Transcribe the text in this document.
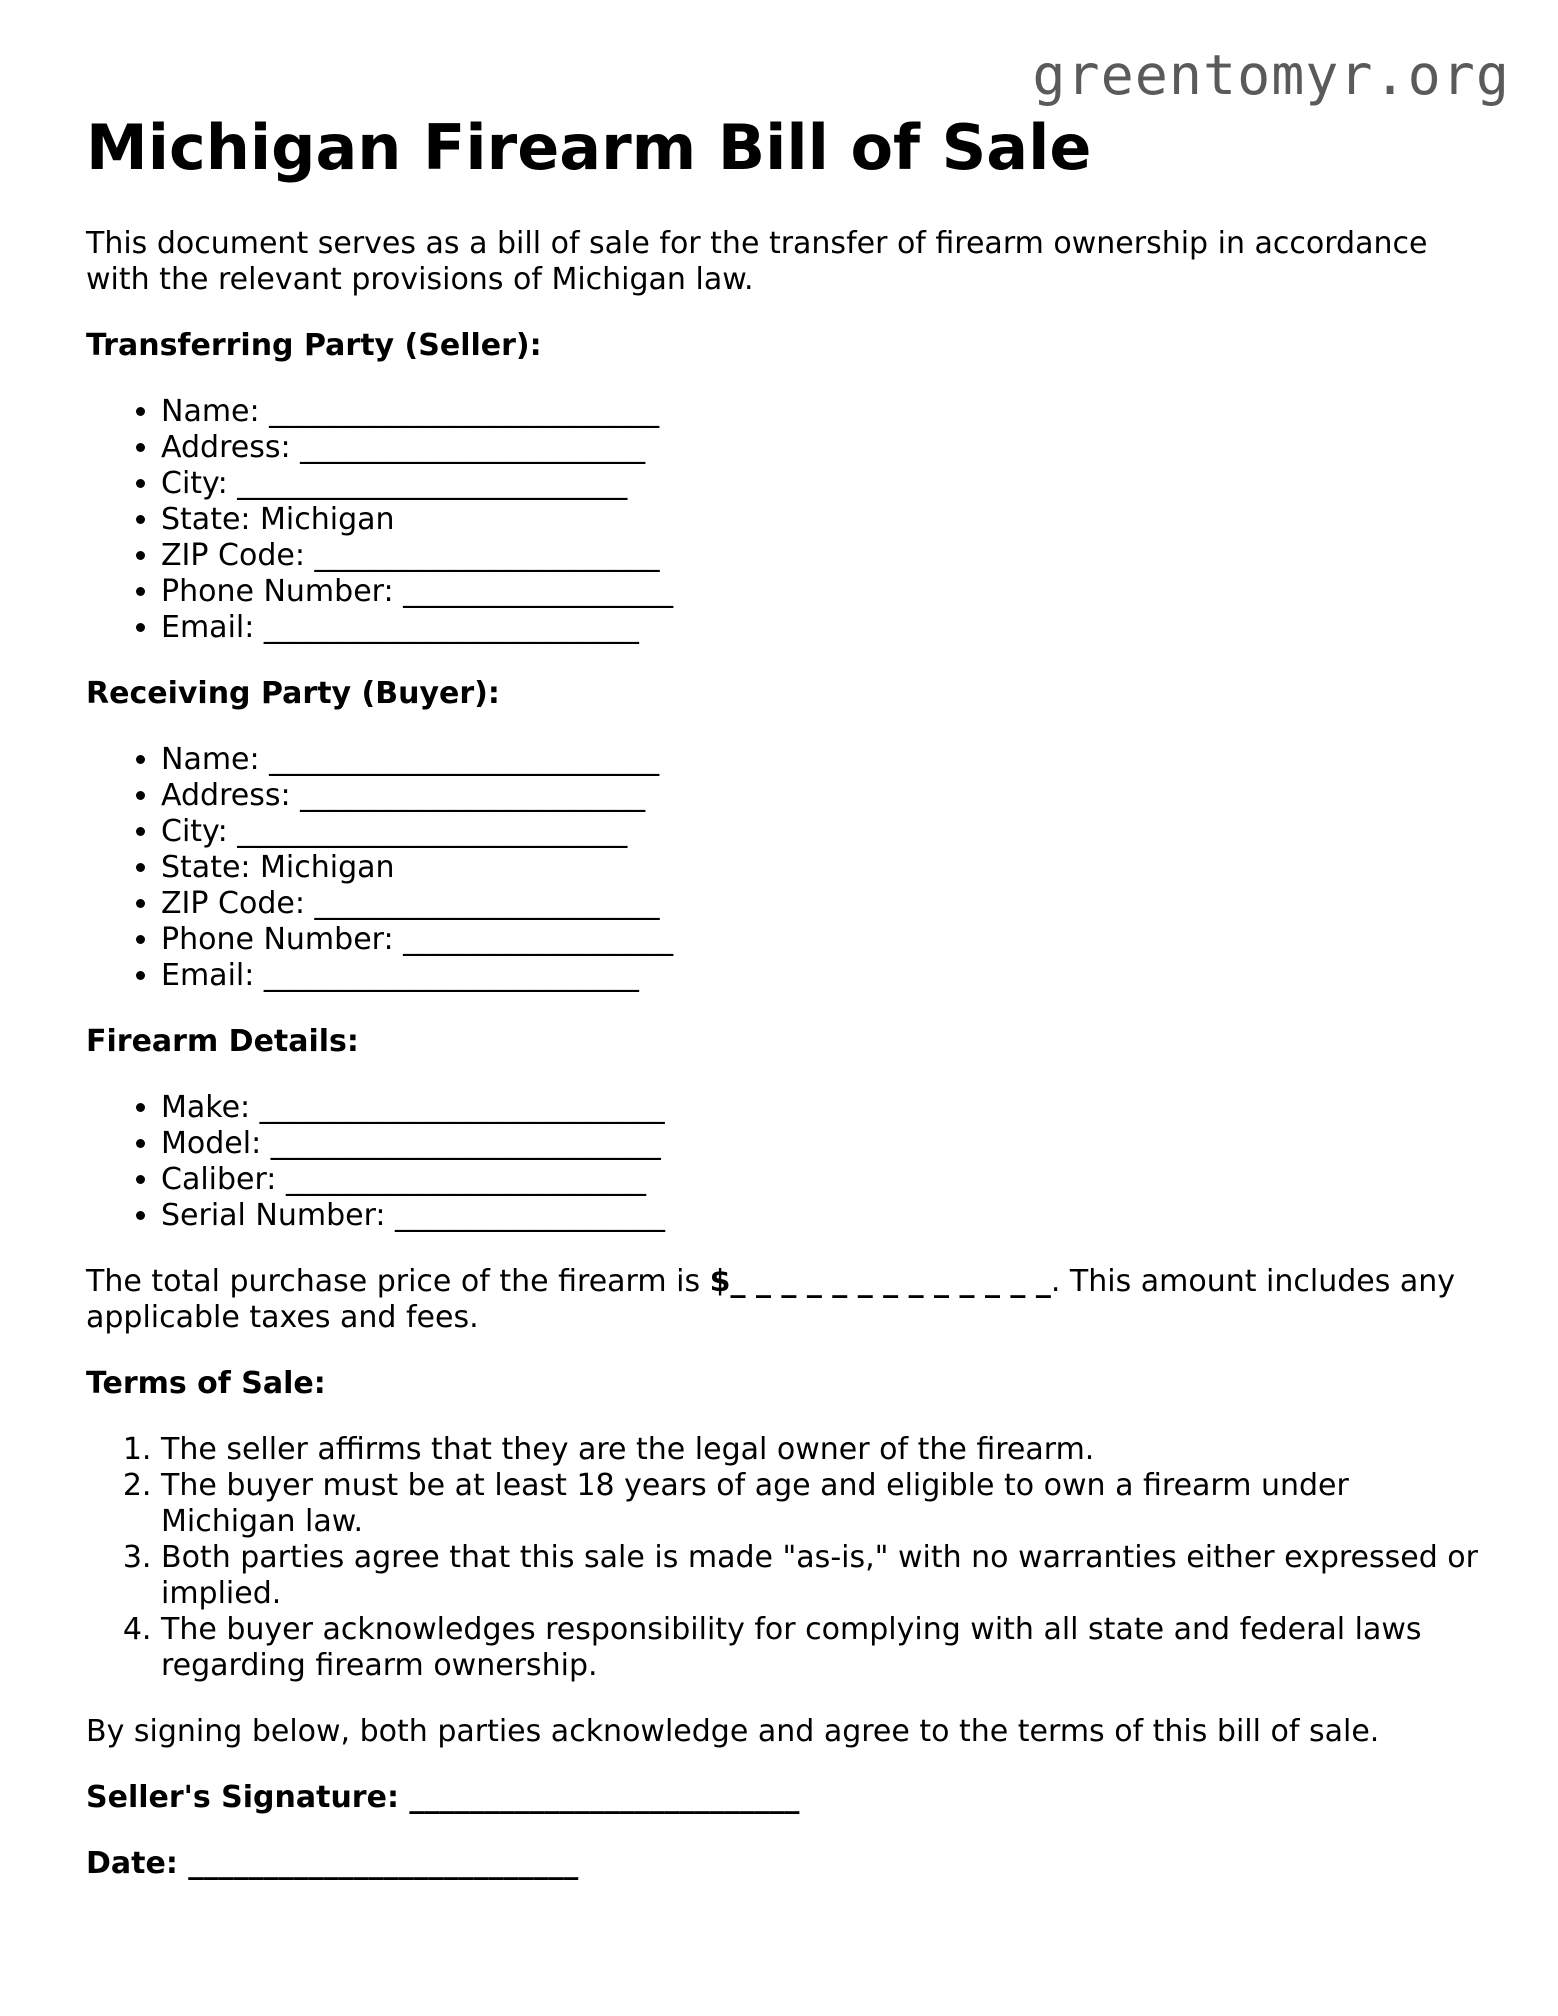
greentomyr.org
Michigan Firearm Bill of Sale

This document serves as a bill of sale for the transfer of firearm ownership in accordance with the relevant provisions of Michigan law.

Transferring Party (Seller):

• Name: __________________________
• Address: _______________________
• City: __________________________
• State: Michigan
• ZIP Code: _______________________
• Phone Number: __________________
• Email: _________________________

Receiving Party (Buyer):

• Name: __________________________
• Address: _______________________
• City: __________________________
• State: Michigan
• ZIP Code: _______________________
• Phone Number: __________________
• Email: _________________________

Firearm Details:

• Make: ___________________________
• Model: __________________________
• Caliber: ________________________
• Serial Number: __________________

The total purchase price of the firearm is $_ _ _ _ _ _ _ _ _ _ _ _ _. This amount includes any applicable taxes and fees.

Terms of Sale:

1. The seller affirms that they are the legal owner of the firearm.
2. The buyer must be at least 18 years of age and eligible to own a firearm under Michigan law.
3. Both parties agree that this sale is made "as-is," with no warranties either expressed or implied.
4. The buyer acknowledges responsibility for complying with all state and federal laws regarding firearm ownership.

By signing below, both parties acknowledge and agree to the terms of this bill of sale.

Seller's Signature: __________________________

Date: __________________________
